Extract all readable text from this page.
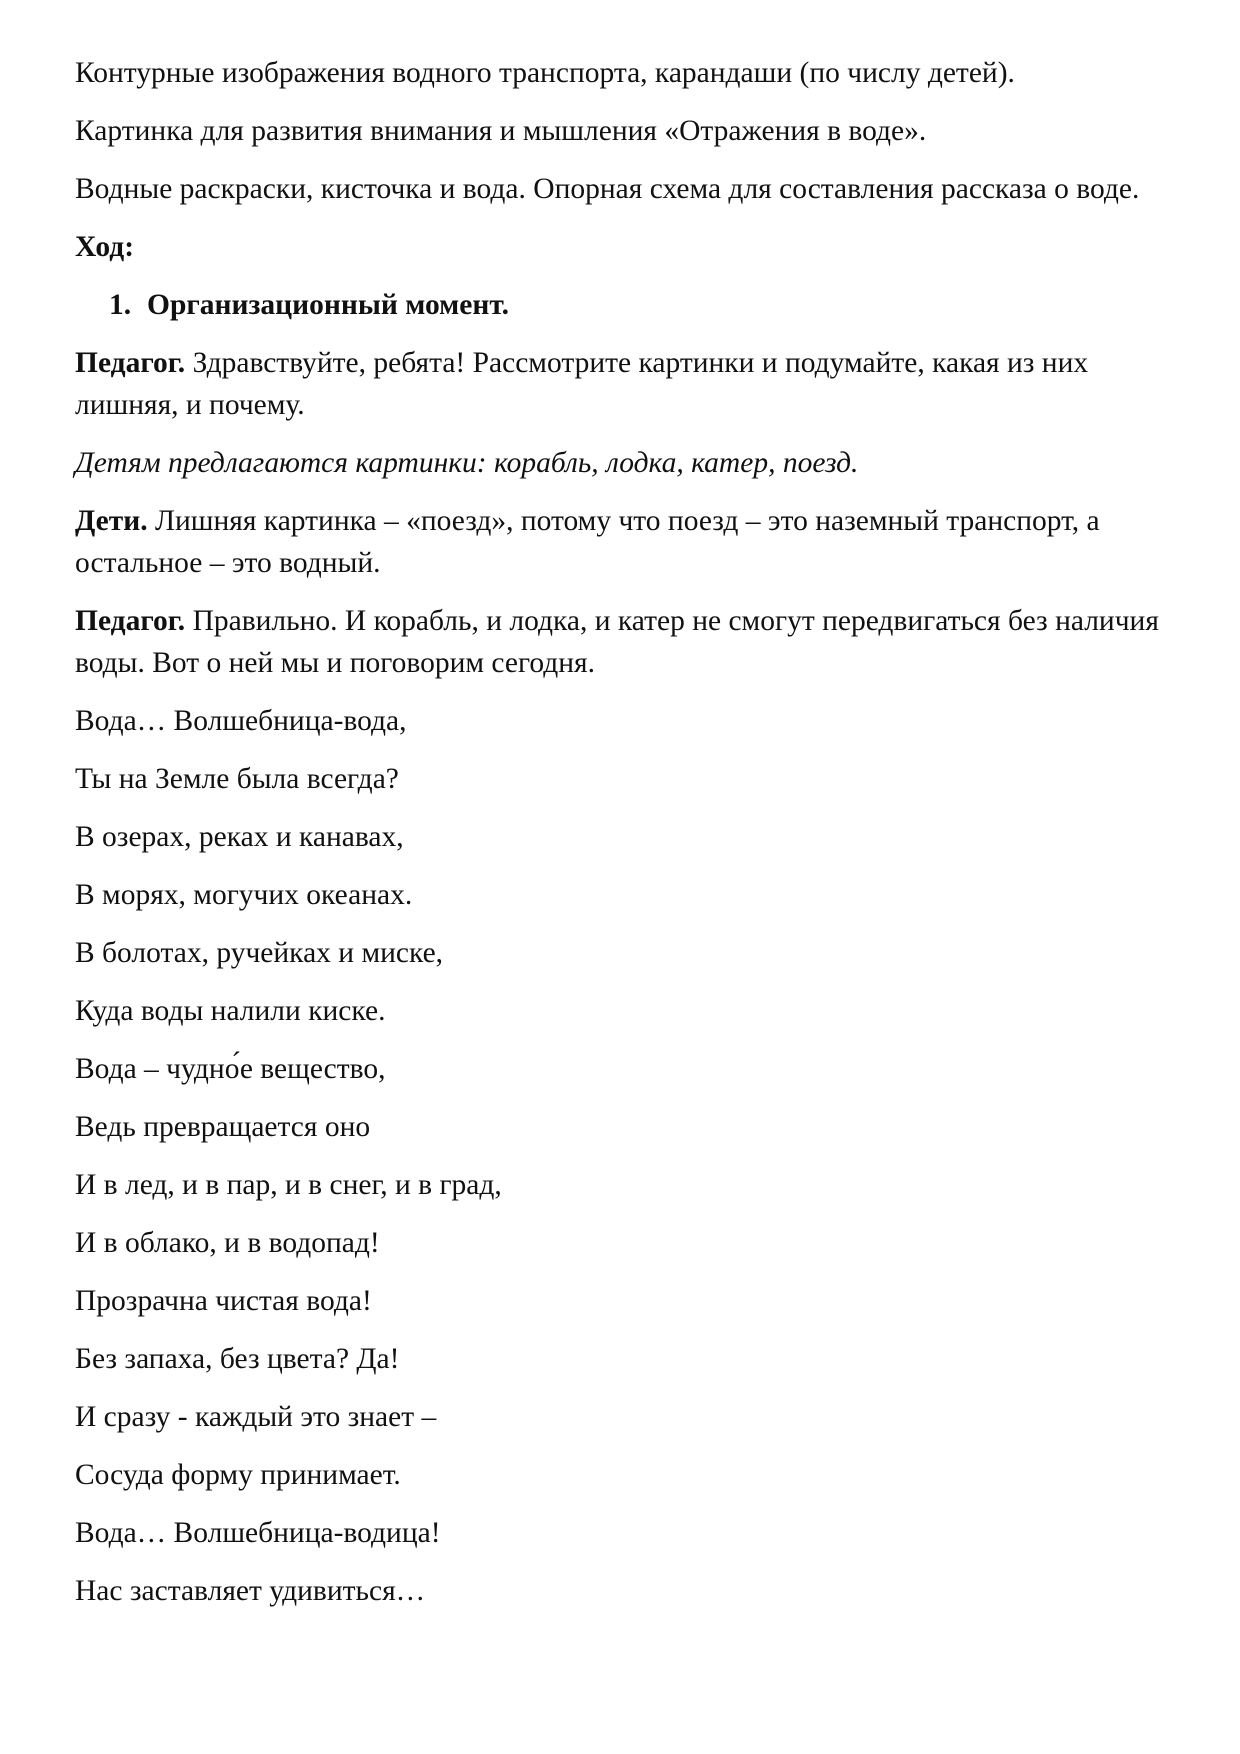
Контурные изображения водного транспорта, карандаши (по числу детей).

Картинка для развития внимания и мышления «Отражения в воде».

Водные раскраски, кисточка и вода. Опорная схема для составления рассказа о воде.

Ход:

1. Организационный момент.

Педагог. Здравствуйте, ребята! Рассмотрите картинки и подумайте, какая из них лишняя, и почему.

Детям предлагаются картинки: корабль, лодка, катер, поезд.

Дети. Лишняя картинка – «поезд», потому что поезд – это наземный транспорт, а остальное – это водный.

Педагог. Правильно. И корабль, и лодка, и катер не смогут передвигаться без наличия воды. Вот о ней мы и поговорим сегодня.

Вода… Волшебница-вода,

Ты на Земле была всегда?

В озерах, реках и канавах,

В морях, могучих океанах.

В болотах, ручейках и миске,

Куда воды налили киске.

Вода – чудно́е вещество,

Ведь превращается оно

И в лед, и в пар, и в снег, и в град,

И в облако, и в водопад!

Прозрачна чистая вода!

Без запаха, без цвета? Да!

И сразу - каждый это знает –

Сосуда форму принимает.

Вода… Волшебница-водица!

Нас заставляет удивиться…
